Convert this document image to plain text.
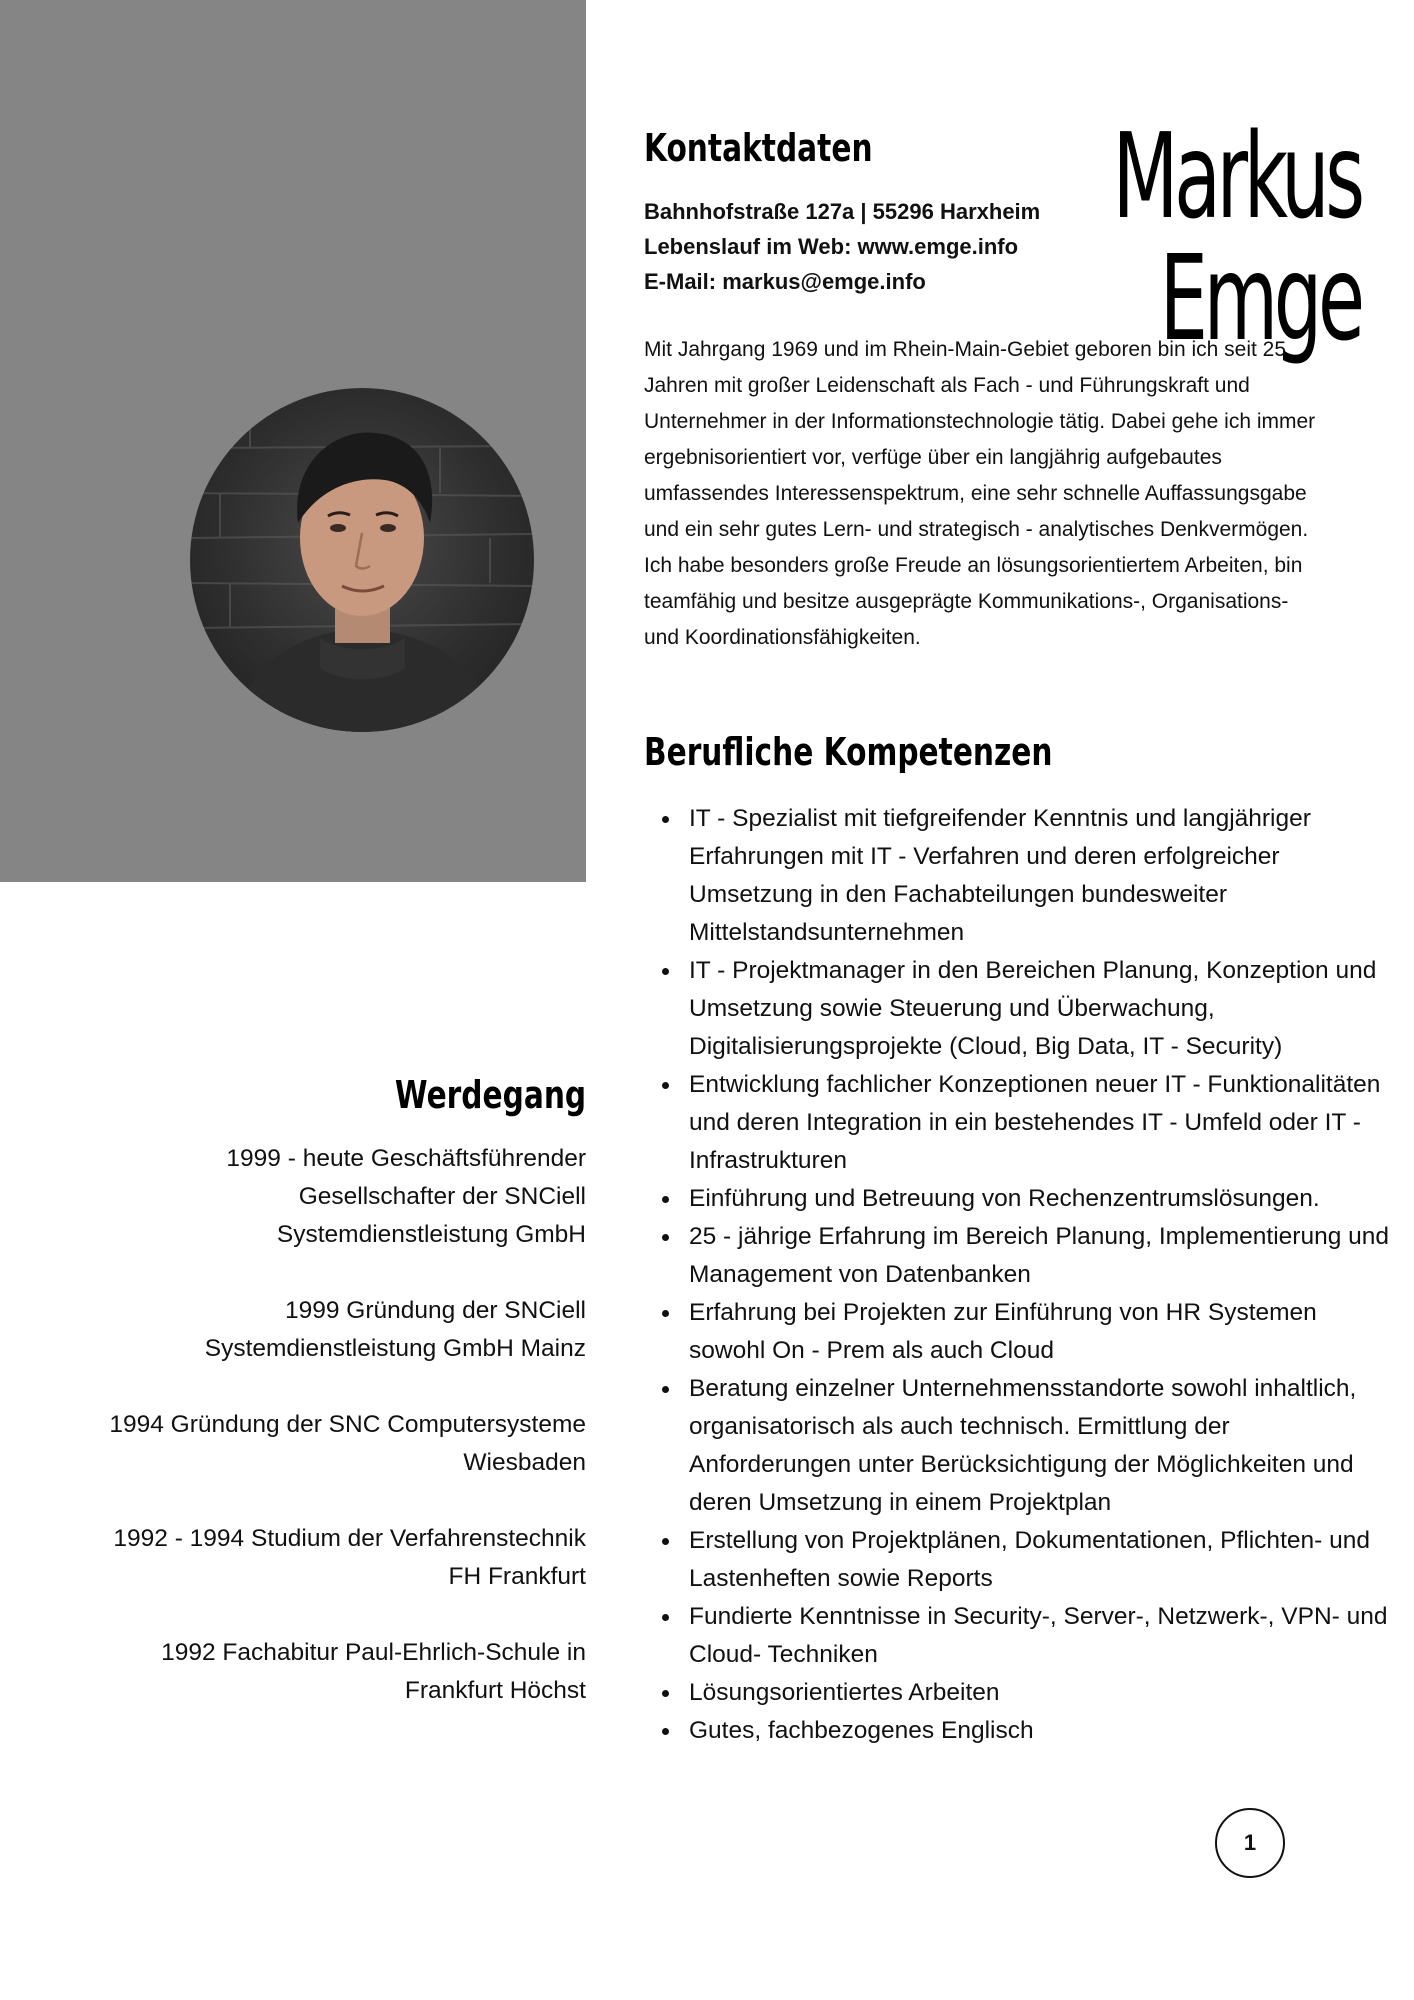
Markus
Emge
Kontaktdaten
Bahnhofstraße 127a | 55296 Harxheim
Lebenslauf im Web: www.emge.info
E-Mail: markus@emge.info

Mit Jahrgang 1969 und im Rhein-Main-Gebiet geboren bin ich seit 25 Jahren mit großer Leidenschaft als Fach - und Führungskraft und Unternehmer in der Informationstechnologie tätig. Dabei gehe ich immer ergebnisorientiert vor, verfüge über ein langjährig aufgebautes umfassendes Interessenspektrum, eine sehr schnelle Auffassungsgabe und ein sehr gutes Lern- und strategisch - analytisches Denkvermögen.

Ich habe besonders große Freude an lösungsorientiertem Arbeiten, bin teamfähig und besitze ausgeprägte Kommunikations-, Organisations- und Koordinationsfähigkeiten.

Berufliche Kompetenzen
IT - Spezialist mit tiefgreifender Kenntnis und langjähriger Erfahrungen mit IT - Verfahren und deren erfolgreicher Umsetzung in den Fachabteilungen bundesweiter Mittelstandsunternehmen
IT - Projektmanager in den Bereichen Planung, Konzeption und Umsetzung sowie Steuerung und Überwachung, Digitalisierungsprojekte (Cloud, Big Data, IT - Security)
Entwicklung fachlicher Konzeptionen neuer IT - Funktionalitäten und deren Integration in ein bestehendes IT - Umfeld oder IT - Infrastrukturen
Einführung und Betreuung von Rechenzentrumslösungen.
25 - jährige Erfahrung im Bereich Planung, Implementierung und Management von Datenbanken
Erfahrung bei Projekten zur Einführung von HR Systemen sowohl On - Prem als auch Cloud
Beratung einzelner Unternehmensstandorte sowohl inhaltlich, organisatorisch als auch technisch. Ermittlung der Anforderungen unter Berücksichtigung der Möglichkeiten und deren Umsetzung in einem Projektplan
Erstellung von Projektplänen, Dokumentationen, Pflichten- und Lastenheften sowie Reports
Fundierte Kenntnisse in Security-, Server-, Netzwerk-, VPN- und Cloud- Techniken
Lösungsorientiertes Arbeiten
Gutes, fachbezogenes Englisch
Werdegang

1999 - heute Geschäftsführender Gesellschafter der SNCiell Systemdienstleistung GmbH

1999 Gründung der SNCiell Systemdienstleistung GmbH Mainz

1994 Gründung der SNC Computersysteme Wiesbaden

1992 - 1994 Studium der Verfahrenstechnik FH Frankfurt

1992 Fachabitur Paul-Ehrlich-Schule in Frankfurt Höchst

1
